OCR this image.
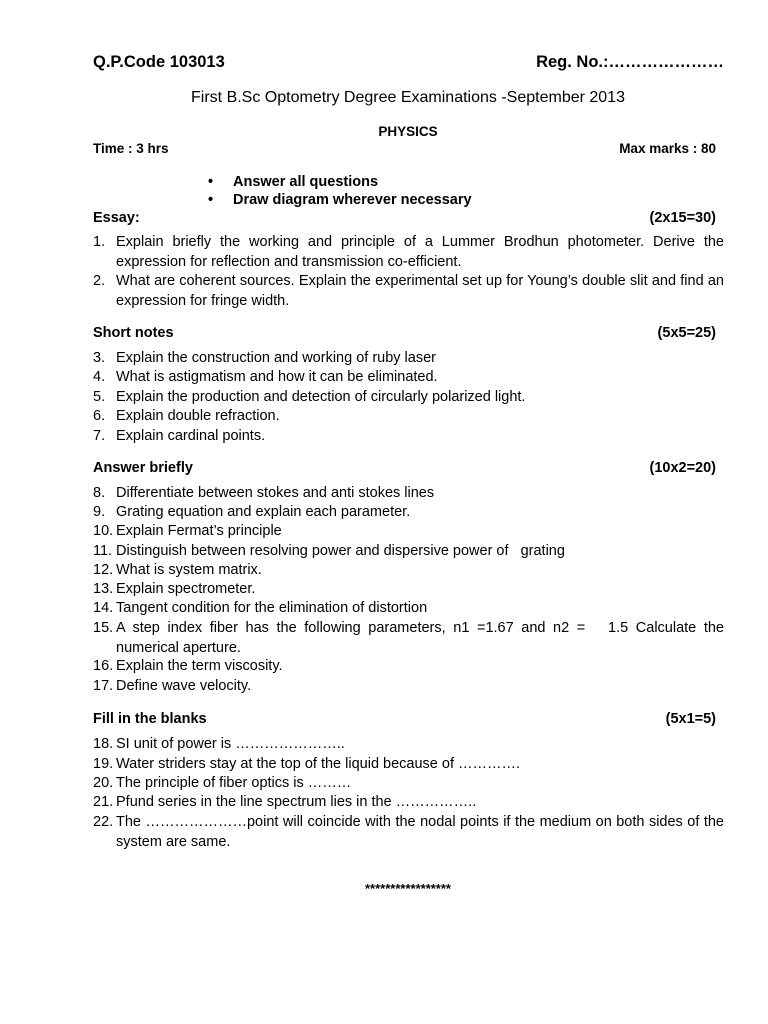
Q.P.Code 103013	Reg. No.:…………………
First B.Sc Optometry Degree Examinations -September 2013
PHYSICS
Time : 3 hrs	Max marks : 80
• Answer all questions
• Draw diagram wherever necessary
Essay:	(2x15=30)
1. Explain briefly the working and principle of a Lummer Brodhun photometer. Derive the expression for reflection and transmission co-efficient.
2. What are coherent sources. Explain the experimental set up for Young’s double slit and find an expression for fringe width.
Short notes	(5x5=25)
3. Explain the construction and working of ruby laser
4. What is astigmatism and how it can be eliminated.
5. Explain the production and detection of circularly polarized light.
6. Explain double refraction.
7. Explain cardinal points.
Answer briefly	(10x2=20)
8. Differentiate between stokes and anti stokes lines
9. Grating equation and explain each parameter.
10. Explain Fermat’s principle
11. Distinguish between resolving power and dispersive power of   grating
12. What is system matrix.
13. Explain spectrometer.
14. Tangent condition for the elimination of distortion
15. A step index fiber has the following parameters, n1 =1.67 and n2 =   1.5 Calculate the numerical aperture.
16. Explain the term viscosity.
17. Define wave velocity.
Fill in the blanks	(5x1=5)
18. SI unit of power is …………………..
19. Water striders stay at the top of the liquid because of ………….
20. The principle of fiber optics is ………
21. Pfund series in the line spectrum lies in the ……………..
22. The …………………point will coincide with the nodal points if the medium on both sides of the system are same.
*****************
